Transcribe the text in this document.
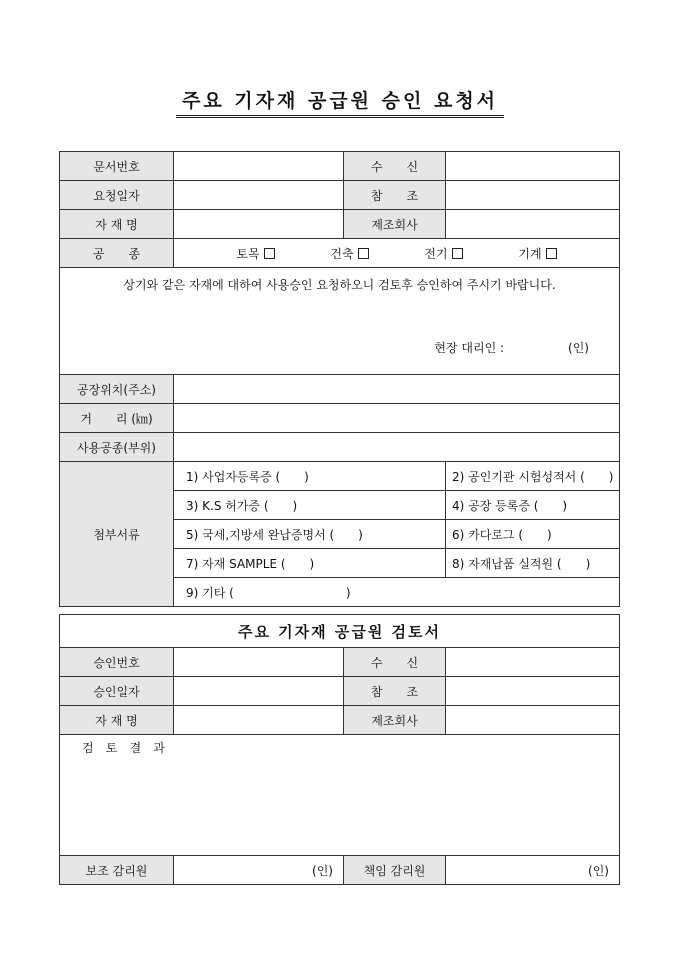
주요 기자재 공급원 승인 요청서
문서번호		수　　신	
요청일자		참　　조	
자 재 명		제조회사	
공　　종	토목 건축 전기 기계		

상기와 같은 자재에 대하여 사용승인 요청하오니 검토후 승인하여 주시기 바랍니다.
현장 대리인 : (인)			

공장위치(주소)			
거　　리 (㎞)			
사용공종(부위)			
첨부서류	1) 사업자등록증 (　　)		2) 공인기관 시험성적서 (　　)
	3) K.S 허가증 (　　)		4) 공장 등록증 (　　)
	5) 국세,지방세 완납증명서 (　　)		6) 카다로그 (　　)
	7) 자재 SAMPLE (　　)		8) 자재납품 실적원 (　　)
	9) 기타 ( )		
주요 기자재 공급원 검토서			
승인번호		수　　신	
승인일자		참　　조	
자 재 명		제조회사	
검 토 결 과			
보조 감리원	(인)	책임 감리원	(인)
